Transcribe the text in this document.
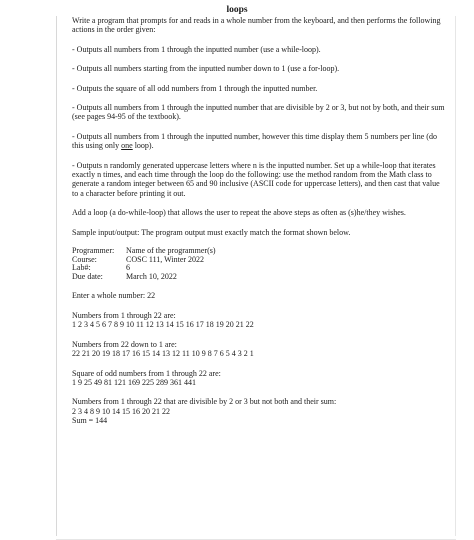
loops

Write a program that prompts for and reads in a whole number from the keyboard, and then performs the following actions in the order given:

- Outputs all numbers from 1 through the inputted number (use a while-loop).

- Outputs all numbers starting from the inputted number down to 1 (use a for-loop).

- Outputs the square of all odd numbers from 1 through the inputted number.

- Outputs all numbers from 1 through the inputted number that are divisible by 2 or 3, but not by both, and their sum (see pages 94-95 of the textbook).

- Outputs all numbers from 1 through the inputted number, however this time display them 5 numbers per line (do this using only one loop).

- Outputs n randomly generated uppercase letters where n is the inputted number. Set up a while-loop that iterates exactly n times, and each time through the loop do the following: use the method random from the Math class to generate a random integer between 65 and 90 inclusive (ASCII code for uppercase letters), and then cast that value to a character before printing it out.

Add a loop (a do-while-loop) that allows the user to repeat the above steps as often as (s)he/they wishes.

Sample input/output: The program output must exactly match the format shown below.

Programmer:	Name of the programmer(s)
Course:	COSC 111, Winter 2022
Lab#:	6
Due date:	March 10, 2022

Enter a whole number: 22

Numbers from 1 through 22 are:
1 2 3 4 5 6 7 8 9 10 11 12 13 14 15 16 17 18 19 20 21 22
Numbers from 22 down to 1 are:
22 21 20 19 18 17 16 15 14 13 12 11 10 9 8 7 6 5 4 3 2 1
Square of odd numbers from 1 through 22 are:
1 9 25 49 81 121 169 225 289 361 441
Numbers from 1 through 22 that are divisible by 2 or 3 but not both and their sum:
2 3 4 8 9 10 14 15 16 20 21 22
Sum = 144
